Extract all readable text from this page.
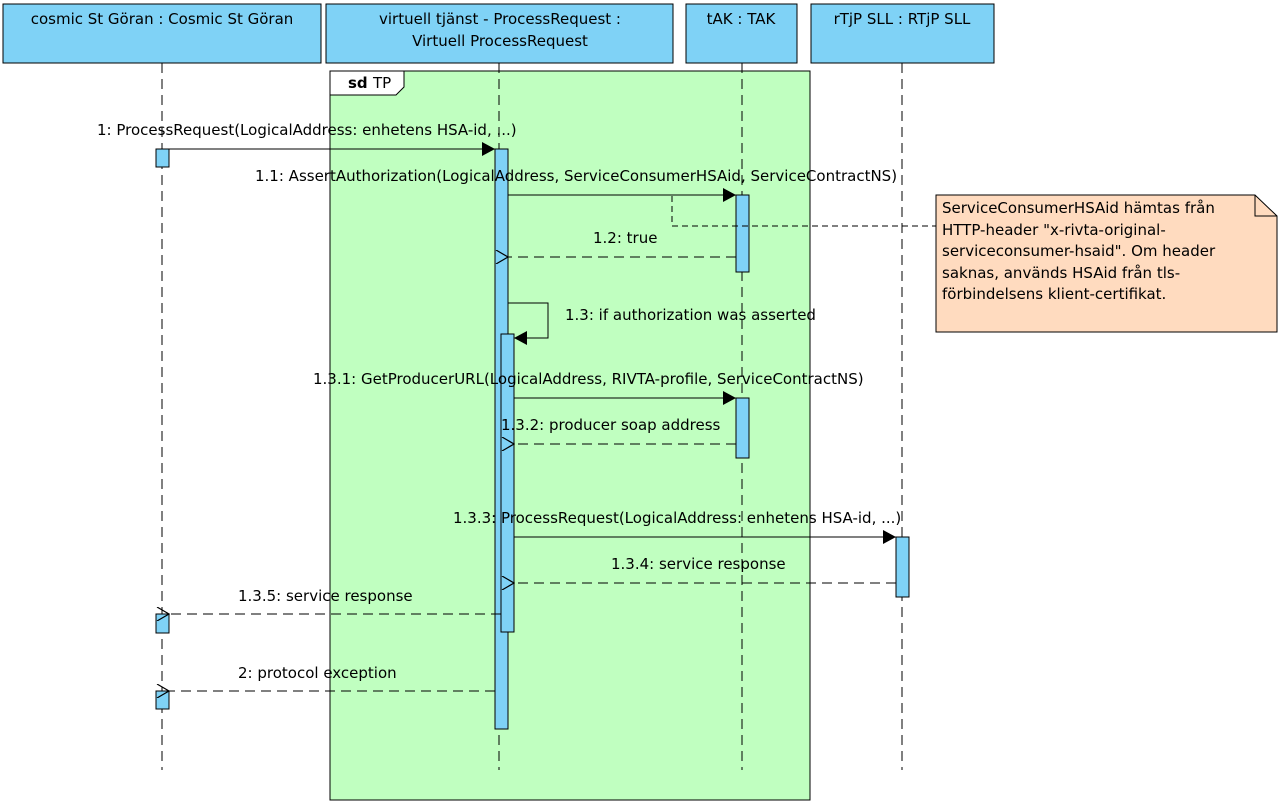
sd TP
cosmic St Göran : Cosmic St Göran	virtuell tjänst - ProcessRequest :
Virtuell ProcessRequest
tAK : TAK	rTjP SLL : RTjP SLL
1: ProcessRequest(LogicalAddress: enhetens HSA-id, ...)
1.1: AssertAuthorization(LogicalAddress, ServiceConsumerHSAid, ServiceContractNS)
1.2: true
1.3: if authorization was asserted
1.3.1: GetProducerURL(LogicalAddress, RIVTA-profile, ServiceContractNS)
1.3.2: producer soap address
1.3.3: ProcessRequest(LogicalAddress: enhetens HSA-id, ...)
1.3.4: service response
1.3.5: service response
2: protocol exception
ServiceConsumerHSAid hämtas från
HTTP-header "x-rivta-original-
serviceconsumer-hsaid". Om header
saknas, används HSAid från tls-
förbindelsens klient-certifikat.
